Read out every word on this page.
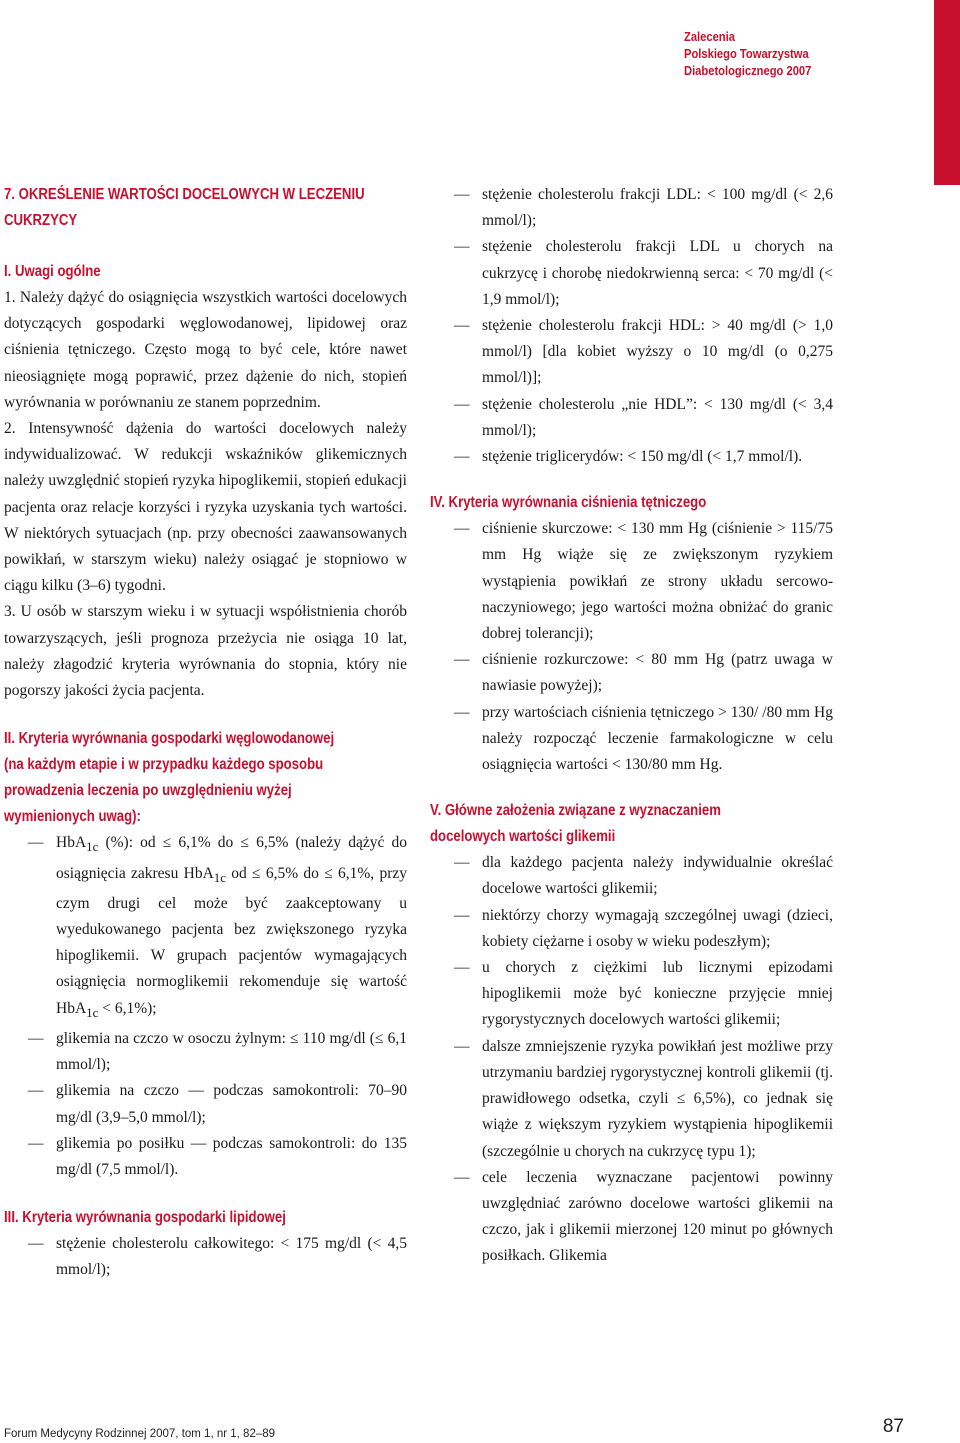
Zalecenia
Polskiego Towarzystwa
Diabetologicznego 2007
7. OKREŚLENIE WARTOŚCI DOCELOWYCH W LECZENIU
CUKRZYCY
I. Uwagi ogólne

1. Należy dążyć do osiągnięcia wszystkich wartości docelowych dotyczących gospodarki węglowodanowej, lipidowej oraz ciśnienia tętniczego. Często mogą to być cele, które nawet nieosiągnięte mogą poprawić, przez dążenie do nich, stopień wyrównania w porównaniu ze stanem poprzednim.

2. Intensywność dążenia do wartości docelowych należy indywidualizować. W redukcji wskaźników glikemicznych należy uwzględnić stopień ryzyka hipoglikemii, stopień edukacji pacjenta oraz relacje korzyści i ryzyka uzyskania tych wartości. W niektórych sytuacjach (np. przy obecności zaawansowanych powikłań, w starszym wieku) należy osiągać je stopniowo w ciągu kilku (3–6) tygodni.

3. U osób w starszym wieku i w sytuacji współistnienia chorób towarzyszących, jeśli prognoza przeżycia nie osiąga 10 lat, należy złagodzić kryteria wyrównania do stopnia, który nie pogorszy jakości życia pacjenta.

II. Kryteria wyrównania gospodarki węglowodanowej
(na każdym etapie i w przypadku każdego sposobu
prowadzenia leczenia po uwzględnieniu wyżej
wymienionych uwag):
— HbA$_{1c}$ (%): od ≤ 6,1% do ≤ 6,5% (należy dążyć do osiągnięcia zakresu HbA$_{1c}$ od ≤ 6,5% do ≤ 6,1%, przy czym drugi cel może być zaakceptowany u wyedukowanego pacjenta bez zwiększonego ryzyka hipoglikemii. W grupach pacjentów wymagających osiągnięcia normoglikemii rekomenduje się wartość HbA$_{1c}$ < 6,1%);
— glikemia na czczo w osoczu żylnym: ≤ 110 mg/dl (≤ 6,1 mmol/l);
— glikemia na czczo — podczas samokontroli: 70–90 mg/dl (3,9–5,0 mmol/l);
— glikemia po posiłku — podczas samokontroli: do 135 mg/dl (7,5 mmol/l).
III. Kryteria wyrównania gospodarki lipidowej
— stężenie cholesterolu całkowitego: < 175 mg/dl (< 4,5 mmol/l);
— stężenie cholesterolu frakcji LDL: < 100 mg/dl (< 2,6 mmol/l);
— stężenie cholesterolu frakcji LDL u chorych na cukrzycę i chorobę niedokrwienną serca: < 70 mg/dl (< 1,9 mmol/l);
— stężenie cholesterolu frakcji HDL: > 40 mg/dl (> 1,0 mmol/l) [dla kobiet wyższy o 10 mg/dl (o 0,275 mmol/l)];
— stężenie cholesterolu „nie HDL”: < 130 mg/dl (< 3,4 mmol/l);
— stężenie triglicerydów: < 150 mg/dl (< 1,7 mmol/l).
IV. Kryteria wyrównania ciśnienia tętniczego
— ciśnienie skurczowe: < 130 mm Hg (ciśnienie > 115/75 mm Hg wiąże się ze zwiększonym ryzykiem wystąpienia powikłań ze strony układu sercowo-naczyniowego; jego wartości można obniżać do granic dobrej tolerancji);
— ciśnienie rozkurczowe: < 80 mm Hg (patrz uwaga w nawiasie powyżej);
— przy wartościach ciśnienia tętniczego > 130/ /80 mm Hg należy rozpocząć leczenie farmakologiczne w celu osiągnięcia wartości < 130/80 mm Hg.
V. Główne założenia związane z wyznaczaniem
docelowych wartości glikemii
— dla każdego pacjenta należy indywidualnie określać docelowe wartości glikemii;
— niektórzy chorzy wymagają szczególnej uwagi (dzieci, kobiety ciężarne i osoby w wieku podeszłym);
— u chorych z ciężkimi lub licznymi epizodami hipoglikemii może być konieczne przyjęcie mniej rygorystycznych docelowych wartości glikemii;
— dalsze zmniejszenie ryzyka powikłań jest możliwe przy utrzymaniu bardziej rygorystycznej kontroli glikemii (tj. prawidłowego odsetka, czyli ≤ 6,5%), co jednak się wiąże z większym ryzykiem wystąpienia hipoglikemii (szczególnie u chorych na cukrzycę typu 1);
— cele leczenia wyznaczane pacjentowi powinny uwzględniać zarówno docelowe wartości glikemii na czczo, jak i glikemii mierzonej 120 minut po głównych posiłkach. Glikemia
Forum Medycyny Rodzinnej 2007, tom 1, nr 1, 82–89	87
